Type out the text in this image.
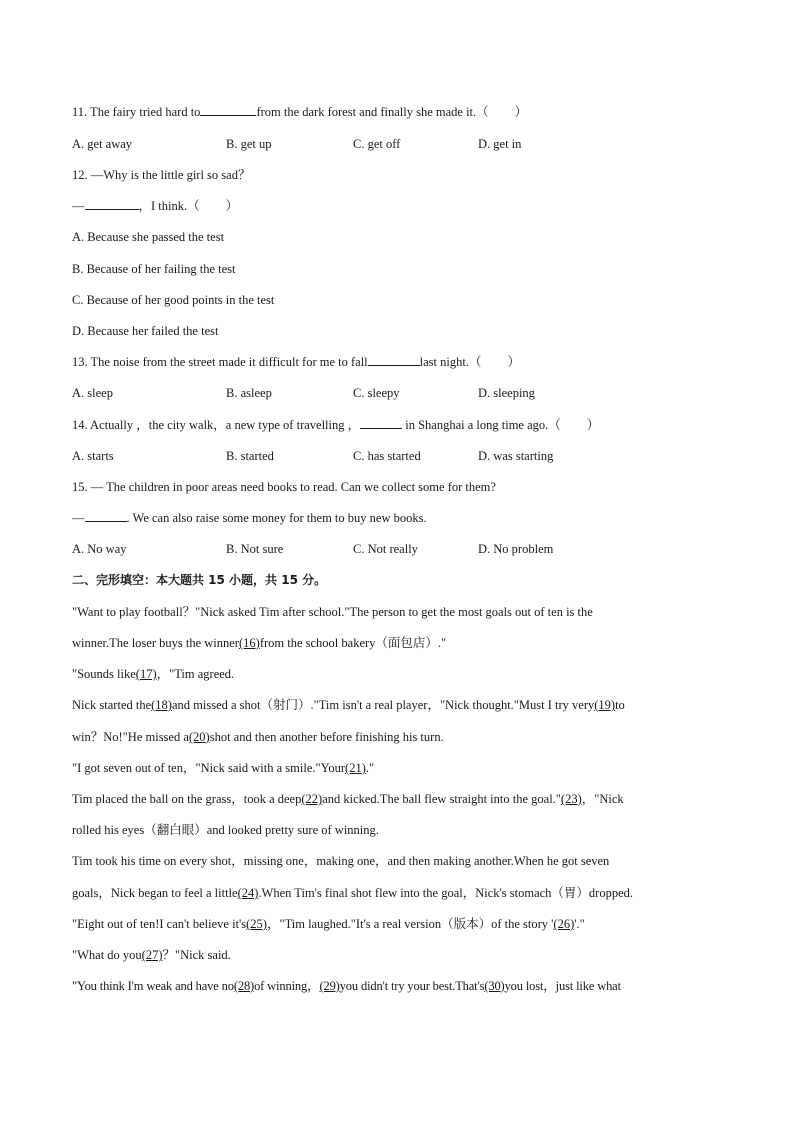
11. The fairy tried hard to	from the dark forest and finally she made it.（ ）
A. get away	B. get up	C. get off	D. get in
12. —Why is the little girl so sad？
—	，I think.（ ）
A. Because she passed the test
B. Because of her failing the test
C. Because of her good points in the test
D. Because her failed the test
13. The noise from the street made it difficult for me to fall	last night.（ ）
A. sleep	B. asleep	C. sleepy	D. sleeping
14. Actually ，the city walk，a new type of travelling ，	in Shanghai a long time ago.（ ）
A. starts	B. started	C. has started	D. was starting
15. — The children in poor areas need books to read. Can we collect some for them?
—	. We can also raise some money for them to buy new books.
A. No way	B. Not sure	C. Not really	D. No problem
二、完形填空：本大题共 15 小题，共 15 分。
"Want to play football？"Nick asked Tim after school."The person to get the most goals out of ten is the
winner.The loser buys the winner(16)from the school bakery（面包店）."
"Sounds like(17)，"Tim agreed.
Nick started the(18)and missed a shot（射门）."Tim isn't a real player，"Nick thought."Must I try very(19)to
win？No!"He missed a(20)shot and then another before finishing his turn.
"I got seven out of ten，"Nick said with a smile."Your(21)."
Tim placed the ball on the grass，took a deep(22)and kicked.The ball flew straight into the goal."(23)，"Nick
rolled his eyes（翻白眼）and looked pretty sure of winning.
Tim took his time on every shot，missing one，making one，and then making another.When he got seven
goals，Nick began to feel a little(24).When Tim's final shot flew into the goal，Nick's stomach（胃）dropped.
"Eight out of ten!I can't believe it's(25)，"Tim laughed."It's a real version（版本）of the story '(26)'."
"What do you(27)？"Nick said.
"You think I'm weak and have no(28)of winning，(29)you didn't try your best.That's(30)you lost，just like what
